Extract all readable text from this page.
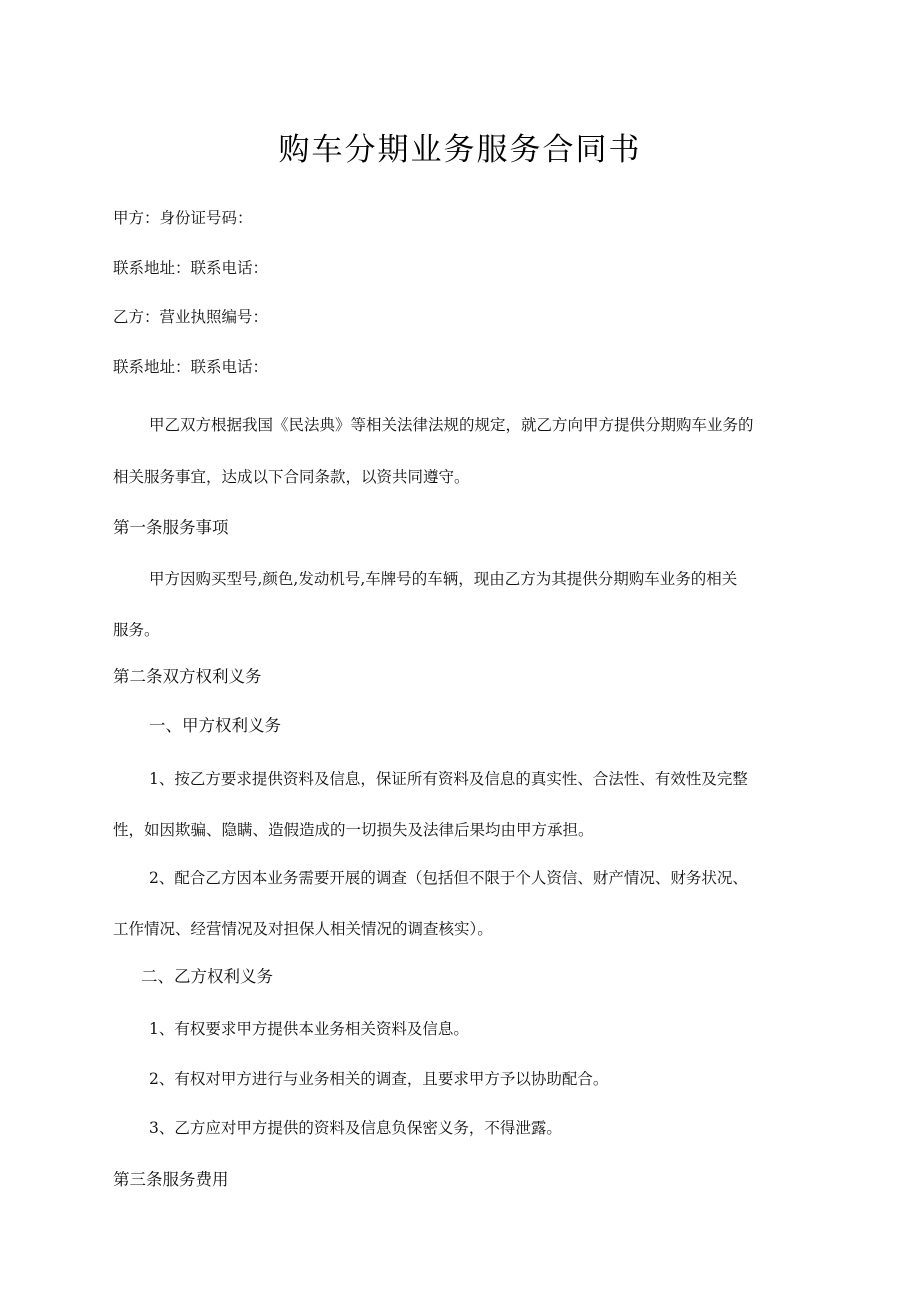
购车分期业务服务合同书
甲方：身份证号码：
联系地址：联系电话：
乙方：营业执照编号：
联系地址：联系电话：
甲乙双方根据我国《民法典》等相关法律法规的规定，就乙方向甲方提供分期购车业务的
相关服务事宜，达成以下合同条款，以资共同遵守。
第一条服务事项
甲方因购买型号,颜色,发动机号,车牌号的车辆，现由乙方为其提供分期购车业务的相关
服务。
第二条双方权利义务
一、甲方权利义务
1、按乙方要求提供资料及信息，保证所有资料及信息的真实性、合法性、有效性及完整
性，如因欺骗、隐瞒、造假造成的一切损失及法律后果均由甲方承担。
2、配合乙方因本业务需要开展的调查（包括但不限于个人资信、财产情况、财务状况、
工作情况、经营情况及对担保人相关情况的调查核实）。
二、乙方权利义务
1、有权要求甲方提供本业务相关资料及信息。
2、有权对甲方进行与业务相关的调查，且要求甲方予以协助配合。
3、乙方应对甲方提供的资料及信息负保密义务，不得泄露。
第三条服务费用
